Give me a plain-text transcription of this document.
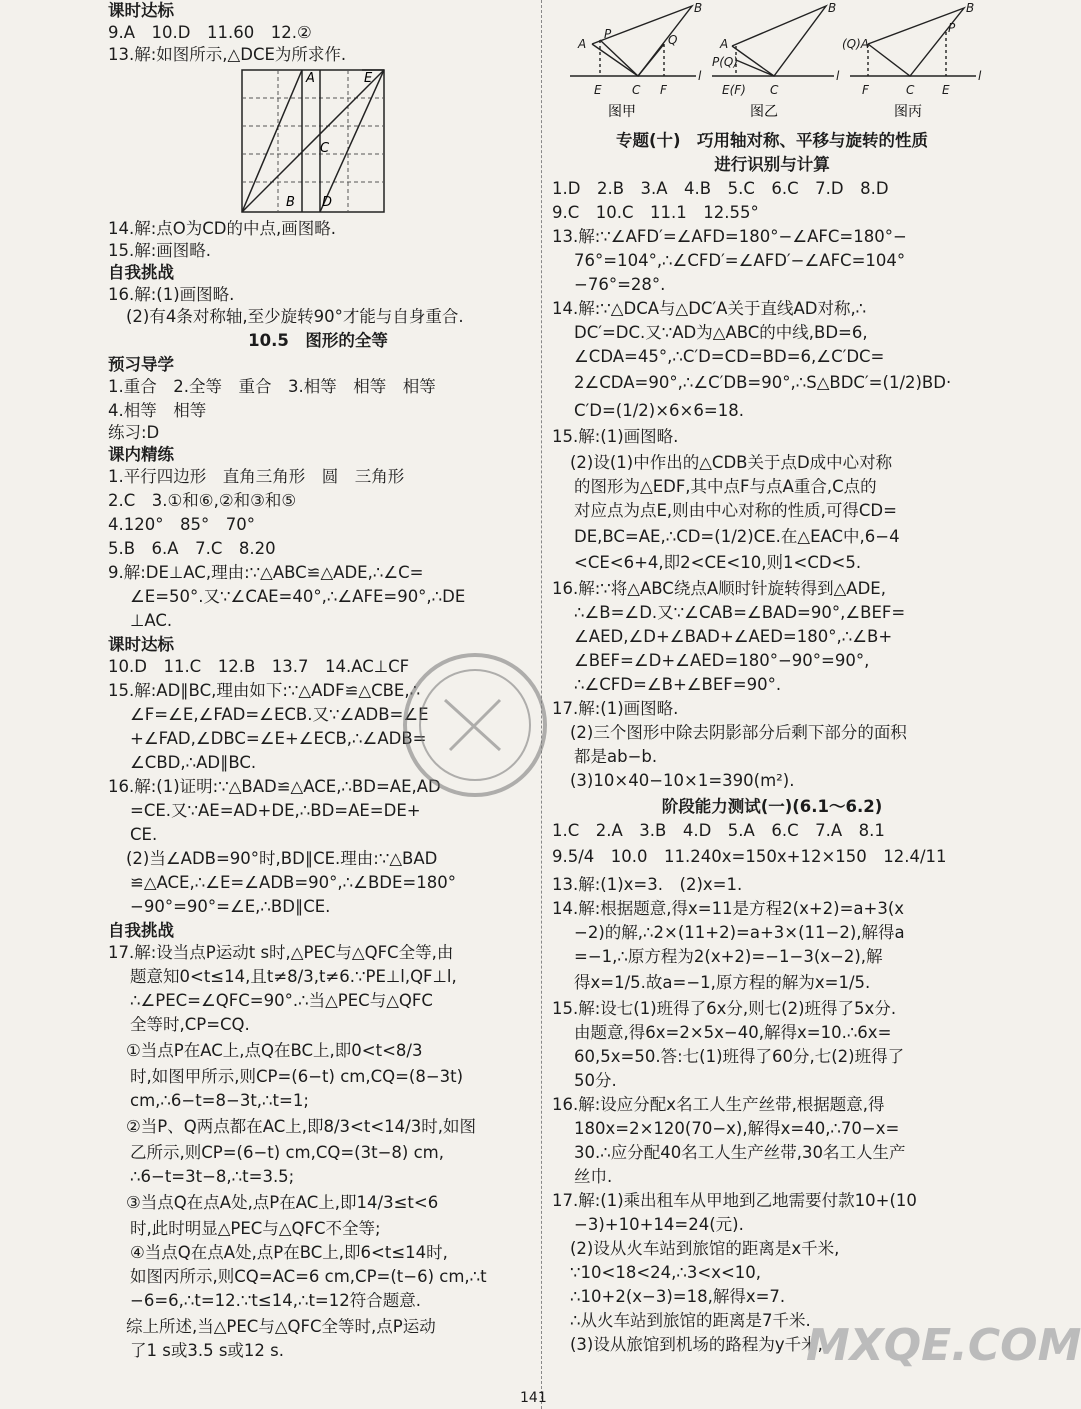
课时达标
9.A　10.D　11.60　12.②
13.解:如图所示,△DCE为所求作.
A	E
C
D
B
14.解:点O为CD的中点,画图略.
15.解:画图略.
自我挑战
16.解:(1)画图略.
(2)有4条对称轴,至少旋转90°才能与自身重合.
10.5　图形的全等
预习导学
1.重合　2.全等　重合　3.相等　相等　相等
4.相等　相等
练习:D
课内精练
1.平行四边形　直角三角形　圆　三角形
2.C　3.①和⑥,②和③和⑤
4.120°　85°　70°
5.B　6.A　7.C　8.20
9.解:DE⊥AC,理由:∵△ABC≌△ADE,∴∠C=
∠E=50°.又∵∠CAE=40°,∴∠AFE=90°,∴DE
⊥AC.
课时达标
10.D　11.C　12.B　13.7　14.AC⊥CF
15.解:AD∥BC,理由如下:∵△ADF≌△CBE,∴
∠F=∠E,∠FAD=∠ECB.又∵∠ADB=∠E
+∠FAD,∠DBC=∠E+∠ECB,∴∠ADB=
∠CBD,∴AD∥BC.
16.解:(1)证明:∵△BAD≌△ACE,∴BD=AE,AD
=CE.又∵AE=AD+DE,∴BD=AE=DE+
CE.
(2)当∠ADB=90°时,BD∥CE.理由:∵△BAD
≌△ACE,∴∠E=∠ADB=90°,∴∠BDE=180°
−90°=90°=∠E,∴BD∥CE.
自我挑战
17.解:设当点P运动t s时,△PEC与△QFC全等,由
题意知0<t≤14,且t≠8/3,t≠6.∵PE⊥l,QF⊥l,
∴∠PEC=∠QFC=90°.∴当△PEC与△QFC
全等时,CP=CQ.
①当点P在AC上,点Q在BC上,即0<t<8/3
时,如图甲所示,则CP=(6−t) cm,CQ=(8−3t)
cm,∴6−t=8−3t,∴t=1;
②当P、Q两点都在AC上,即8/3<t<14/3时,如图
乙所示,则CP=(6−t) cm,CQ=(3t−8) cm,
∴6−t=3t−8,∴t=3.5;
③当点Q在点A处,点P在AC上,即14/3≤t<6
时,此时明显△PEC与△QFC不全等;
④当点Q在点A处,点P在BC上,即6<t≤14时,
如图丙所示,则CQ=AC=6 cm,CP=(t−6) cm,∴t
−6=6,∴t=12.∵t≤14,∴t=12符合题意.
综上所述,当△PEC与△QFC全等时,点P运动
了1 s或3.5 s或12 s.
B
A
P	Q
l
E	C F
图甲
B
A
l
E(F) C
P(Q)
图乙
B
(Q)A
P
l
F	C E
图丙
专题(十)　巧用轴对称、平移与旋转的性质
进行识别与计算
1.D　2.B　3.A　4.B　5.C　6.C　7.D　8.D
9.C　10.C　11.1　12.55°
13.解:∵∠AFD′=∠AFD=180°−∠AFC=180°−
76°=104°,∴∠CFD′=∠AFD′−∠AFC=104°
−76°=28°.
14.解:∵△DCA与△DC′A关于直线AD对称,∴
DC′=DC.又∵AD为△ABC的中线,BD=6,
∠CDA=45°,∴C′D=CD=BD=6,∠C′DC=
2∠CDA=90°,∴∠C′DB=90°,∴S△BDC′=(1/2)BD·
C′D=(1/2)×6×6=18.
15.解:(1)画图略.
(2)设(1)中作出的△CDB关于点D成中心对称
的图形为△EDF,其中点F与点A重合,C点的
对应点为点E,则由中心对称的性质,可得CD=
DE,BC=AE,∴CD=(1/2)CE.在△EAC中,6−4
<CE<6+4,即2<CE<10,则1<CD<5.
16.解:∵将△ABC绕点A顺时针旋转得到△ADE,
∴∠B=∠D.又∵∠CAB=∠BAD=90°,∠BEF=
∠AED,∠D+∠BAD+∠AED=180°,∴∠B+
∠BEF=∠D+∠AED=180°−90°=90°,
∴∠CFD=∠B+∠BEF=90°.
17.解:(1)画图略.
(2)三个图形中除去阴影部分后剩下部分的面积
都是ab−b.
(3)10×40−10×1=390(m²).
阶段能力测试(一)(6.1～6.2)
1.C　2.A　3.B　4.D　5.A　6.C　7.A　8.1
9.5/4　10.0　11.240x=150x+12×150　12.4/11
13.解:(1)x=3.　(2)x=1.
14.解:根据题意,得x=11是方程2(x+2)=a+3(x
−2)的解,∴2×(11+2)=a+3×(11−2),解得a
=−1,∴原方程为2(x+2)=−1−3(x−2),解
得x=1/5.故a=−1,原方程的解为x=1/5.
15.解:设七(1)班得了6x分,则七(2)班得了5x分.
由题意,得6x=2×5x−40,解得x=10.∴6x=
60,5x=50.答:七(1)班得了60分,七(2)班得了
50分.
16.解:设应分配x名工人生产丝带,根据题意,得
180x=2×120(70−x),解得x=40,∴70−x=
30.∴应分配40名工人生产丝带,30名工人生产
丝巾.
17.解:(1)乘出租车从甲地到乙地需要付款10+(10
−3)+10+14=24(元).
(2)设从火车站到旅馆的距离是x千米,
∵10<18<24,∴3<x<10,
∴10+2(x−3)=18,解得x=7.
∴从火车站到旅馆的距离是7千米.
(3)设从旅馆到机场的路程为y千米,
141
MXQE.COM
